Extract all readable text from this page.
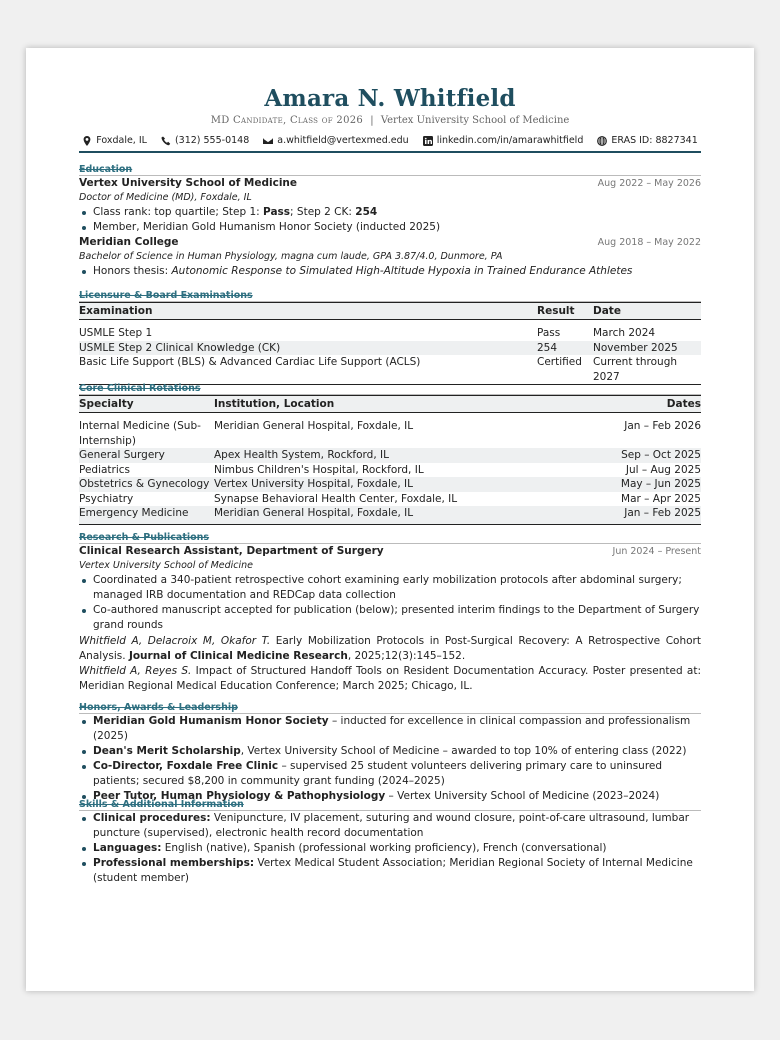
Amara N. Whitfield
MD Candidate, Class of 2026 | Vertex University School of Medicine
Foxdale, IL	(312) 555-0148	a.whitfield@vertexmed.edu	linkedin.com/in/amarawhitfield	ERAS ID: 8827341
Education
Vertex University School of Medicine	Aug 2022 – May 2026
Doctor of Medicine (MD), Foxdale, IL
Class rank: top quartile; Step 1: Pass; Step 2 CK: 254
Member, Meridian Gold Humanism Honor Society (inducted 2025)
Meridian College	Aug 2018 – May 2022
Bachelor of Science in Human Physiology, magna cum laude, GPA 3.87/4.0, Dunmore, PA
Honors thesis: Autonomic Response to Simulated High-Altitude Hypoxia in Trained Endurance Athletes
Licensure & Board Examinations
Examination	Result	Date

USMLE Step 1	Pass	March 2024
USMLE Step 2 Clinical Knowledge (CK)	254	November 2025
Basic Life Support (BLS) & Advanced Cardiac Life Support (ACLS)	Certified	Current through 2027
Core Clinical Rotations
Specialty	Institution, Location	Dates

Internal Medicine (Sub-Internship)	Meridian General Hospital, Foxdale, IL	Jan – Feb 2026
General Surgery	Apex Health System, Rockford, IL	Sep – Oct 2025
Pediatrics	Nimbus Children's Hospital, Rockford, IL	Jul – Aug 2025
Obstetrics & Gynecology	Vertex University Hospital, Foxdale, IL	May – Jun 2025
Psychiatry	Synapse Behavioral Health Center, Foxdale, IL	Mar – Apr 2025
Emergency Medicine	Meridian General Hospital, Foxdale, IL	Jan – Feb 2025
Research & Publications
Clinical Research Assistant, Department of Surgery	Jun 2024 – Present
Vertex University School of Medicine
Coordinated a 340-patient retrospective cohort examining early mobilization protocols after abdominal surgery; managed IRB documentation and REDCap data collection
Co-authored manuscript accepted for publication (below); presented interim findings to the Department of Surgery grand rounds
Whitfield A, Delacroix M, Okafor T. Early Mobilization Protocols in Post-Surgical Recovery: A Retrospective Cohort Analysis. Journal of Clinical Medicine Research, 2025;12(3):145–152.
Whitfield A, Reyes S. Impact of Structured Handoff Tools on Resident Documentation Accuracy. Poster presented at: Meridian Regional Medical Education Conference; March 2025; Chicago, IL.
Honors, Awards & Leadership
Meridian Gold Humanism Honor Society – inducted for excellence in clinical compassion and professionalism (2025)
Dean's Merit Scholarship, Vertex University School of Medicine – awarded to top 10% of entering class (2022)
Co-Director, Foxdale Free Clinic – supervised 25 student volunteers delivering primary care to uninsured patients; secured $8,200 in community grant funding (2024–2025)
Peer Tutor, Human Physiology & Pathophysiology – Vertex University School of Medicine (2023–2024)
Skills & Additional Information
Clinical procedures: Venipuncture, IV placement, suturing and wound closure, point-of-care ultrasound, lumbar puncture (supervised), electronic health record documentation
Languages: English (native), Spanish (professional working proficiency), French (conversational)
Professional memberships: Vertex Medical Student Association; Meridian Regional Society of Internal Medicine (student member)
